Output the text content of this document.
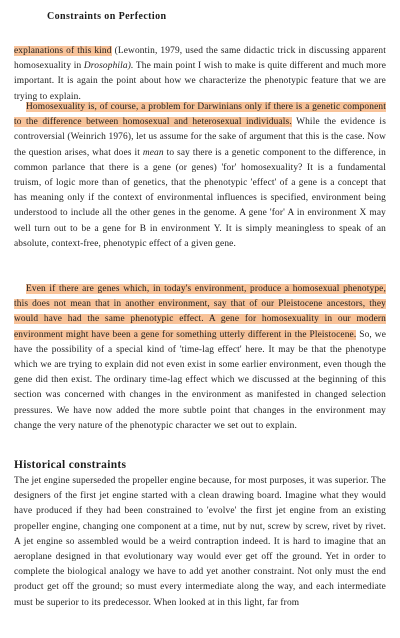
Constraints on Perfection

explanations of this kind (Lewontin, 1979, used the same didactic trick in discussing apparent homosexuality in Drosophila). The main point I wish to make is quite different and much more important. It is again the point about how we characterize the phenotypic feature that we are trying to explain.

Homosexuality is, of course, a problem for Darwinians only if there is a genetic component to the difference between homosexual and heterosexual individuals. While the evidence is controversial (Weinrich 1976), let us assume for the sake of argument that this is the case. Now the question arises, what does it mean to say there is a genetic component to the difference, in common parlance that there is a gene (or genes) 'for' homosexuality? It is a fundamental truism, of logic more than of genetics, that the phenotypic 'effect' of a gene is a concept that has meaning only if the context of environmental influences is specified, environment being understood to include all the other genes in the genome. A gene 'for' A in environment X may well turn out to be a gene for B in environment Y. It is simply meaningless to speak of an absolute, context-free, phenotypic effect of a given gene.

Even if there are genes which, in today's environment, produce a homosexual phenotype, this does not mean that in another environment, say that of our Pleistocene ancestors, they would have had the same phenotypic effect. A gene for homosexuality in our modern environment might have been a gene for something utterly different in the Pleistocene. So, we have the possibility of a special kind of 'time-lag effect' here. It may be that the phenotype which we are trying to explain did not even exist in some earlier environment, even though the gene did then exist. The ordinary time-lag effect which we discussed at the beginning of this section was concerned with changes in the environment as manifested in changed selection pressures. We have now added the more subtle point that changes in the environment may change the very nature of the phenotypic character we set out to explain.

Historical constraints

The jet engine superseded the propeller engine because, for most purposes, it was superior. The designers of the first jet engine started with a clean drawing board. Imagine what they would have produced if they had been constrained to 'evolve' the first jet engine from an existing propeller engine, changing one component at a time, nut by nut, screw by screw, rivet by rivet. A jet engine so assembled would be a weird contraption indeed. It is hard to imagine that an aeroplane designed in that evolutionary way would ever get off the ground. Yet in order to complete the biological analogy we have to add yet another constraint. Not only must the end product get off the ground; so must every intermediate along the way, and each intermediate must be superior to its predecessor. When looked at in this light, far from
